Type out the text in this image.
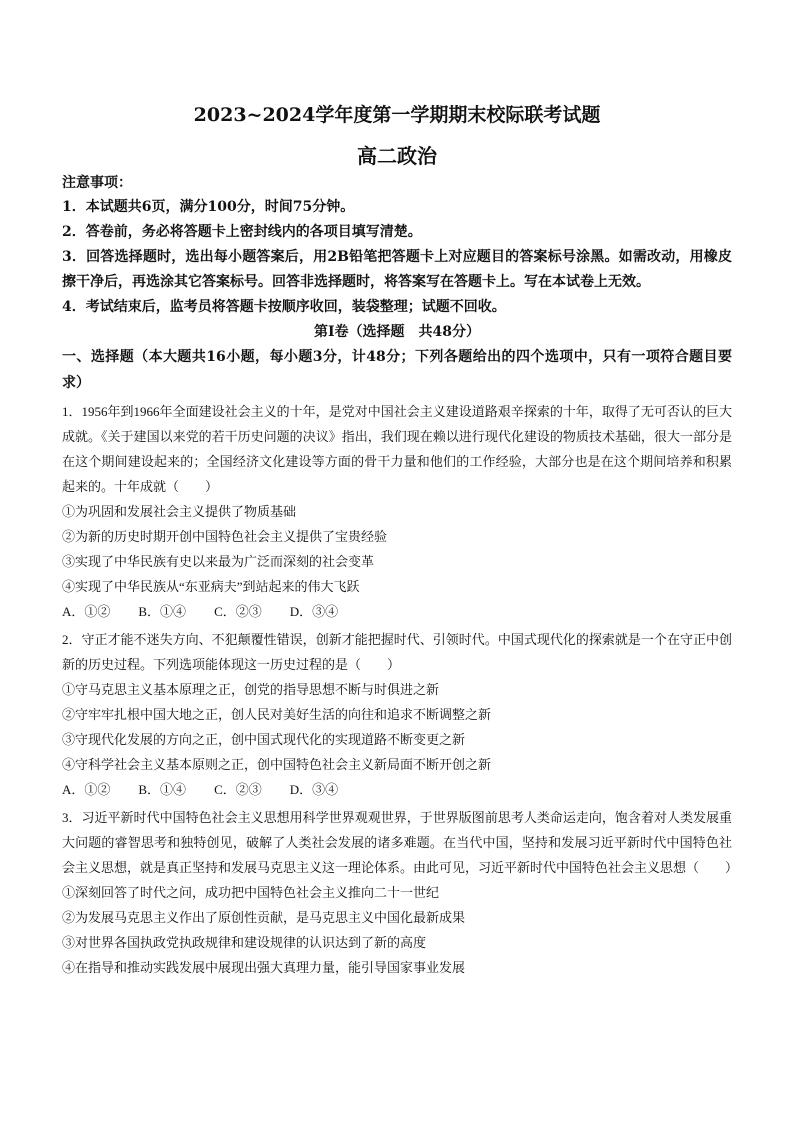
2023~2024学年度第一学期期末校际联考试题
高二政治

注意事项：

1．本试题共6页，满分100分，时间75分钟。

2．答卷前，务必将答题卡上密封线内的各项目填写清楚。

3．回答选择题时，选出每小题答案后，用2B铅笔把答题卡上对应题目的答案标号涂黑。如需改动，用橡皮擦干净后，再选涂其它答案标号。回答非选择题时，将答案写在答题卡上。写在本试卷上无效。

4．考试结束后，监考员将答题卡按顺序收回，装袋整理；试题不回收。

第Ⅰ卷（选择题　共48分）

一、选择题（本大题共16小题，每小题3分，计48分；下列各题给出的四个选项中，只有一项符合题目要求）

1．1956年到1966年全面建设社会主义的十年，是党对中国社会主义建设道路艰辛探索的十年，取得了无可否认的巨大成就。《关于建国以来党的若干历史问题的决议》指出，我们现在赖以进行现代化建设的物质技术基础，很大一部分是在这个期间建设起来的；全国经济文化建设等方面的骨干力量和他们的工作经验，大部分也是在这个期间培养和积累起来的。十年成就（　　）

①为巩固和发展社会主义提供了物质基础

②为新的历史时期开创中国特色社会主义提供了宝贵经验

③实现了中华民族有史以来最为广泛而深刻的社会变革

④实现了中华民族从“东亚病夫”到站起来的伟大飞跃

A．①② B．①④ C．②③ D．③④

2．守正才能不迷失方向、不犯颠覆性错误，创新才能把握时代、引领时代。中国式现代化的探索就是一个在守正中创新的历史过程。下列选项能体现这一历史过程的是（　　）

①守马克思主义基本原理之正，创党的指导思想不断与时俱进之新

②守牢牢扎根中国大地之正，创人民对美好生活的向往和追求不断调整之新

③守现代化发展的方向之正，创中国式现代化的实现道路不断变更之新

④守科学社会主义基本原则之正，创中国特色社会主义新局面不断开创之新

A．①② B．①④ C．②③ D．③④

3．习近平新时代中国特色社会主义思想用科学世界观观世界，于世界版图前思考人类命运走向，饱含着对人类发展重大问题的睿智思考和独特创见，破解了人类社会发展的诸多难题。在当代中国，坚持和发展习近平新时代中国特色社会主义思想，就是真正坚持和发展马克思主义这一理论体系。由此可见，习近平新时代中国特色社会主义思想（　　）

①深刻回答了时代之问，成功把中国特色社会主义推向二十一世纪

②为发展马克思主义作出了原创性贡献，是马克思主义中国化最新成果

③对世界各国执政党执政规律和建设规律的认识达到了新的高度

④在指导和推动实践发展中展现出强大真理力量，能引导国家事业发展
